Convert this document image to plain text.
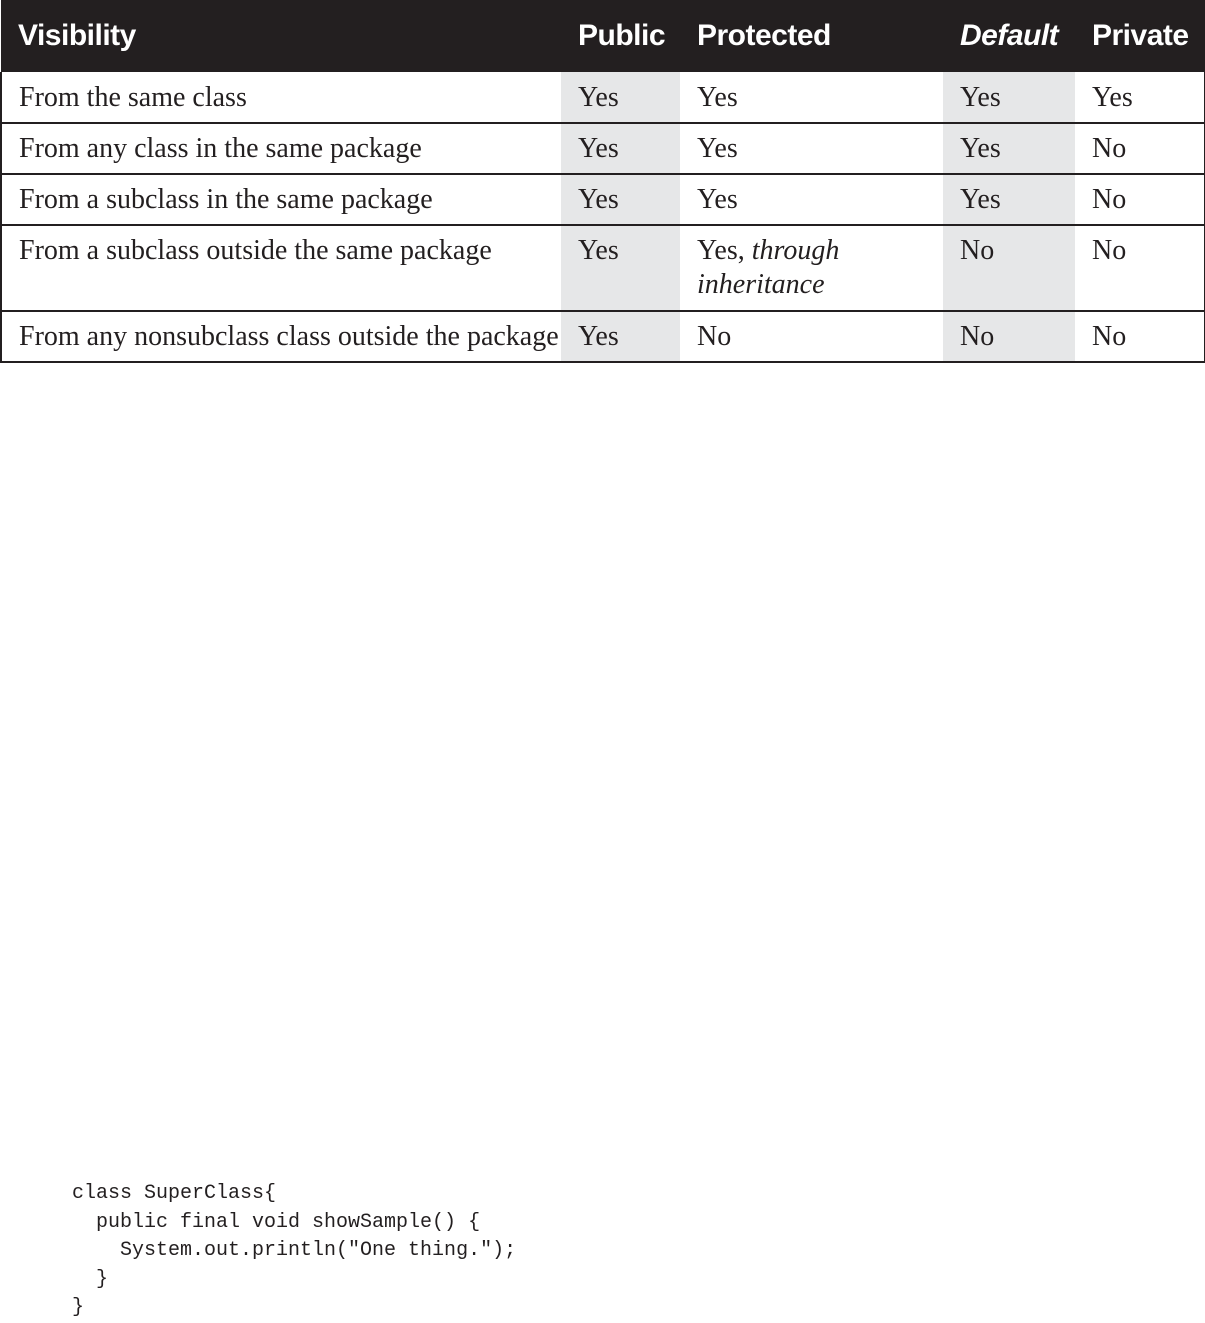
Visibility	Public	Protected	Default	Private
From the same class	Yes	Yes	Yes	Yes
From any class in the same package	Yes	Yes	Yes	No
From a subclass in the same package	Yes	Yes	Yes	No
From a subclass outside the same package	Yes	Yes, through inheritance	No	No
From any nonsubclass class outside the package	Yes	No	No	No
class SuperClass{
public final void showSample() {
System.out.println("One thing.");
}
}
